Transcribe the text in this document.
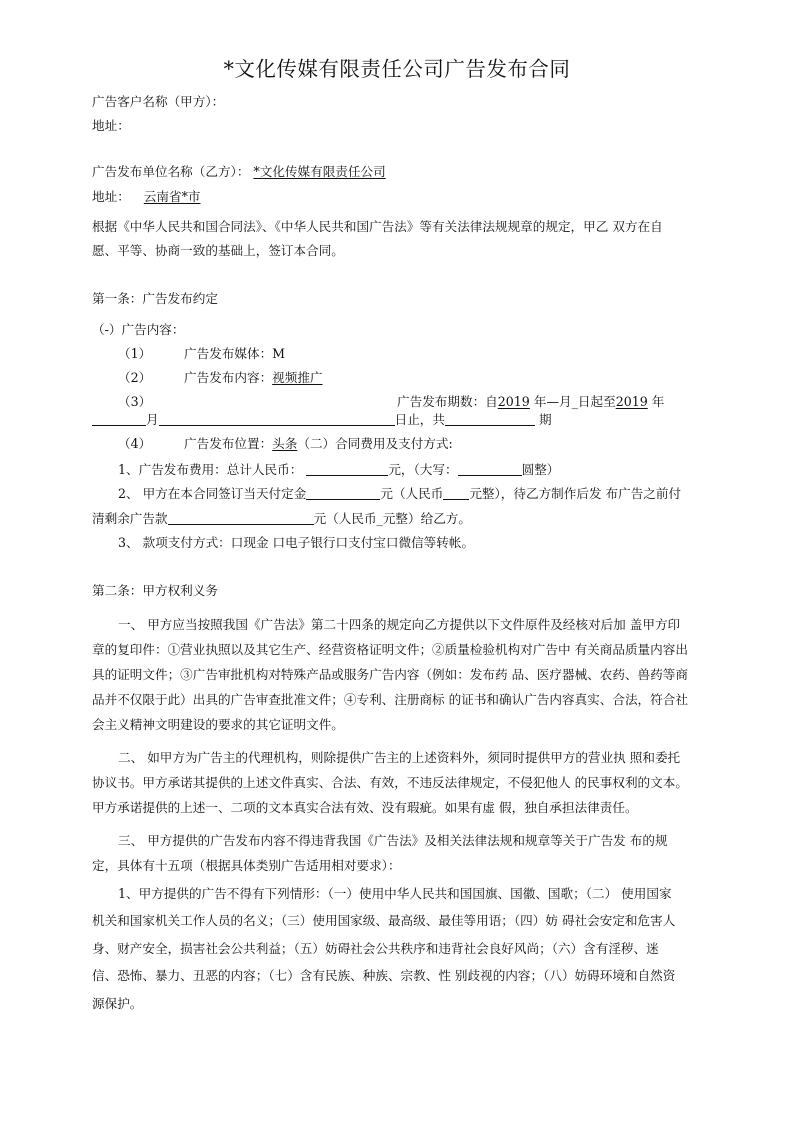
*文化传媒有限责任公司广告发布合同
广告客户名称（甲方）：
地址：
广告发布单位名称（乙方）： *文化传媒有限责任公司
地址： 云南省*市
根据《中华人民共和国合同法》、《中华人民共和国广告法》等有关法律法规规章的规定，甲乙 双方在自
愿、平等、协商一致的基础上，签订本合同。
第一条：广告发布约定
（-）广告内容：
（1）	广告发布媒体：M
（2）	广告发布内容：视频推广
（3）	广告发布期数：自2019 年—月_日起至2019 年
月	日止，共	期
（4）	广告发布位置：头条（二）合同费用及支付方式:
1、广告发布费用：总计人民币：	元，（大写：	圆整）
2、 甲方在本合同签订当天付定金	元（人民币 元整），待乙方制作后发 布广告之前付
清剩余广告款	元（人民币_元整）给乙方。
3、 款项支付方式：口现金 口电子银行口支付宝口微信等转帐。
第二条：甲方权利义务
一、 甲方应当按照我国《广告法》第二十四条的规定向乙方提供以下文件原件及经核对后加 盖甲方印
章的复印件：①营业执照以及其它生产、经营资格证明文件；②质量检验机构对广告中 有关商品质量内容出
具的证明文件；③广告审批机构对特殊产品或服务广告内容（例如：发布药 品、医疗器械、农药、兽药等商
品并不仅限于此）出具的广告审查批准文件；④专利、注册商标 的证书和确认广告内容真实、合法，符合社
会主义精神文明建设的要求的其它证明文件。
二、 如甲方为广告主的代理机构，则除提供广告主的上述资料外，须同时提供甲方的营业执 照和委托
协议书。甲方承诺其提供的上述文件真实、合法、有效，不违反法律规定，不侵犯他人 的民事权利的文本。
甲方承诺提供的上述一、二项的文本真实合法有效、没有瑕疵。如果有虚 假，独自承担法律责任。
三、 甲方提供的广告发布内容不得违背我国《广告法》及相关法律法规和规章等关于广告发 布的规
定，具体有十五项（根据具体类别广告适用相对要求）：
1、甲方提供的广告不得有下列情形：（一）使用中华人民共和国国旗、国徽、国歌；（二） 使用国家
机关和国家机关工作人员的名义；（三）使用国家级、最高级、最佳等用语；（四）妨 碍社会安定和危害人
身、财产安全，损害社会公共利益；（五）妨碍社会公共秩序和违背社会良好风尚；（六）含有淫秽、迷
信、恐怖、暴力、丑恶的内容；（七）含有民族、种族、宗教、性 别歧视的内容；（八）妨碍环境和自然资
源保护。
